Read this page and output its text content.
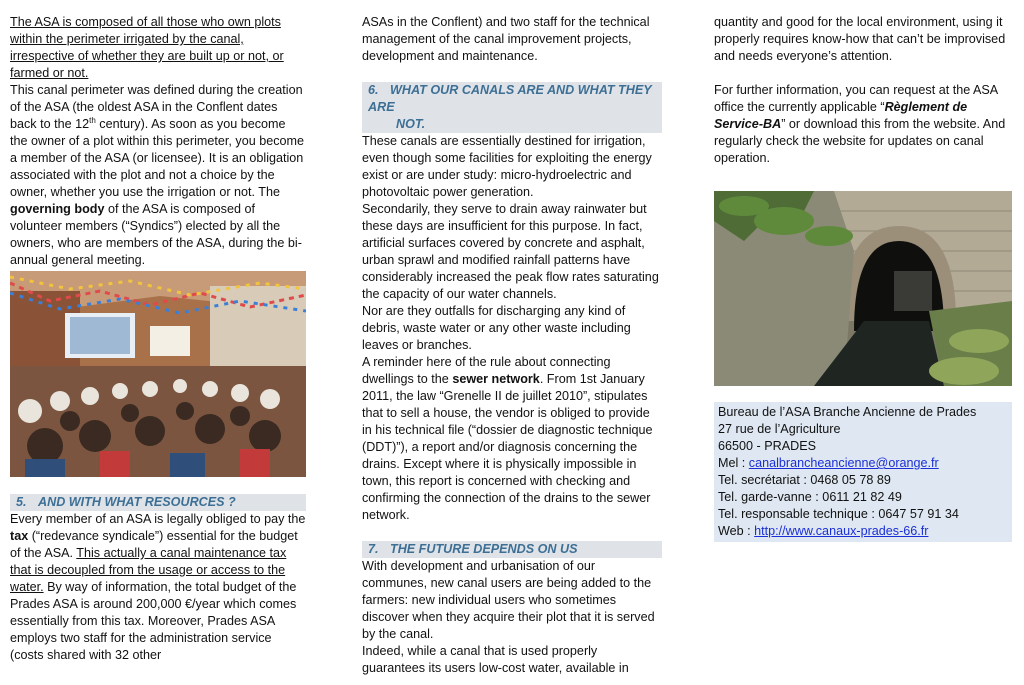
The ASA is composed of all those who own plots within the perimeter irrigated by the canal, irrespective of whether they are built up or not, or farmed or not.

This canal perimeter was defined during the creation of the ASA (the oldest ASA in the Conflent dates back to the 12th century). As soon as you become the owner of a plot within this perimeter, you become a member of the ASA (or licensee). It is an obligation associated with the plot and not a choice by the owner, whether you use the irrigation or not. The governing body of the ASA is composed of volunteer members (“Syndics”) elected by all the owners, who are members of the ASA, during the bi-annual general meeting.

5. AND WITH WHAT RESOURCES ?

Every member of an ASA is legally obliged to pay the tax (“redevance syndicale”) essential for the budget of the ASA. This actually a canal maintenance tax that is decoupled from the usage or access to the water. By way of information, the total budget of the Prades ASA is around 200,000 €/year which comes essentially from this tax. Moreover, Prades ASA employs two staff for the administration service (costs shared with 32 other

ASAs in the Conflent) and two staff for the technical management of the canal improvement projects, development and maintenance.

6. WHAT OUR CANALS ARE AND WHAT THEY ARE
NOT.

These canals are essentially destined for irrigation, even though some facilities for exploiting the energy exist or are under study: micro-hydroelectric and photovoltaic power generation.

Secondarily, they serve to drain away rainwater but these days are insufficient for this purpose. In fact, artificial surfaces covered by concrete and asphalt, urban sprawl and modified rainfall patterns have considerably increased the peak flow rates saturating the capacity of our water channels.

Nor are they outfalls for discharging any kind of debris, waste water or any other waste including leaves or branches.

A reminder here of the rule about connecting dwellings to the sewer network. From 1st January 2011, the law “Grenelle II de juillet 2010”, stipulates that to sell a house, the vendor is obliged to provide in his technical file (“dossier de diagnostic technique (DDT)”), a report and/or diagnosis concerning the drains. Except where it is physically impossible in town, this report is concerned with checking and confirming the connection of the drains to the sewer network.

7. THE FUTURE DEPENDS ON US

With development and urbanisation of our communes, new canal users are being added to the farmers: new individual users who sometimes discover when they acquire their plot that it is served by the canal.

Indeed, while a canal that is used properly guarantees its users low-cost water, available in

quantity and good for the local environment, using it properly requires know-how that can’t be improvised and needs everyone’s attention.

For further information, you can request at the ASA office the currently applicable “Règlement de Service-BA” or download this from the website. And regularly check the website for updates on canal operation.

Bureau de l’ASA Branche Ancienne de Prades

27 rue de l’Agriculture

66500 - PRADES

Mel : canalbrancheancienne@orange.fr

Tel. secrétariat : 0468 05 78 89

Tel. garde-vanne : 0611 21 82 49

Tel. responsable technique : 0647 57 91 34

Web : http://www.canaux-prades-66.fr
